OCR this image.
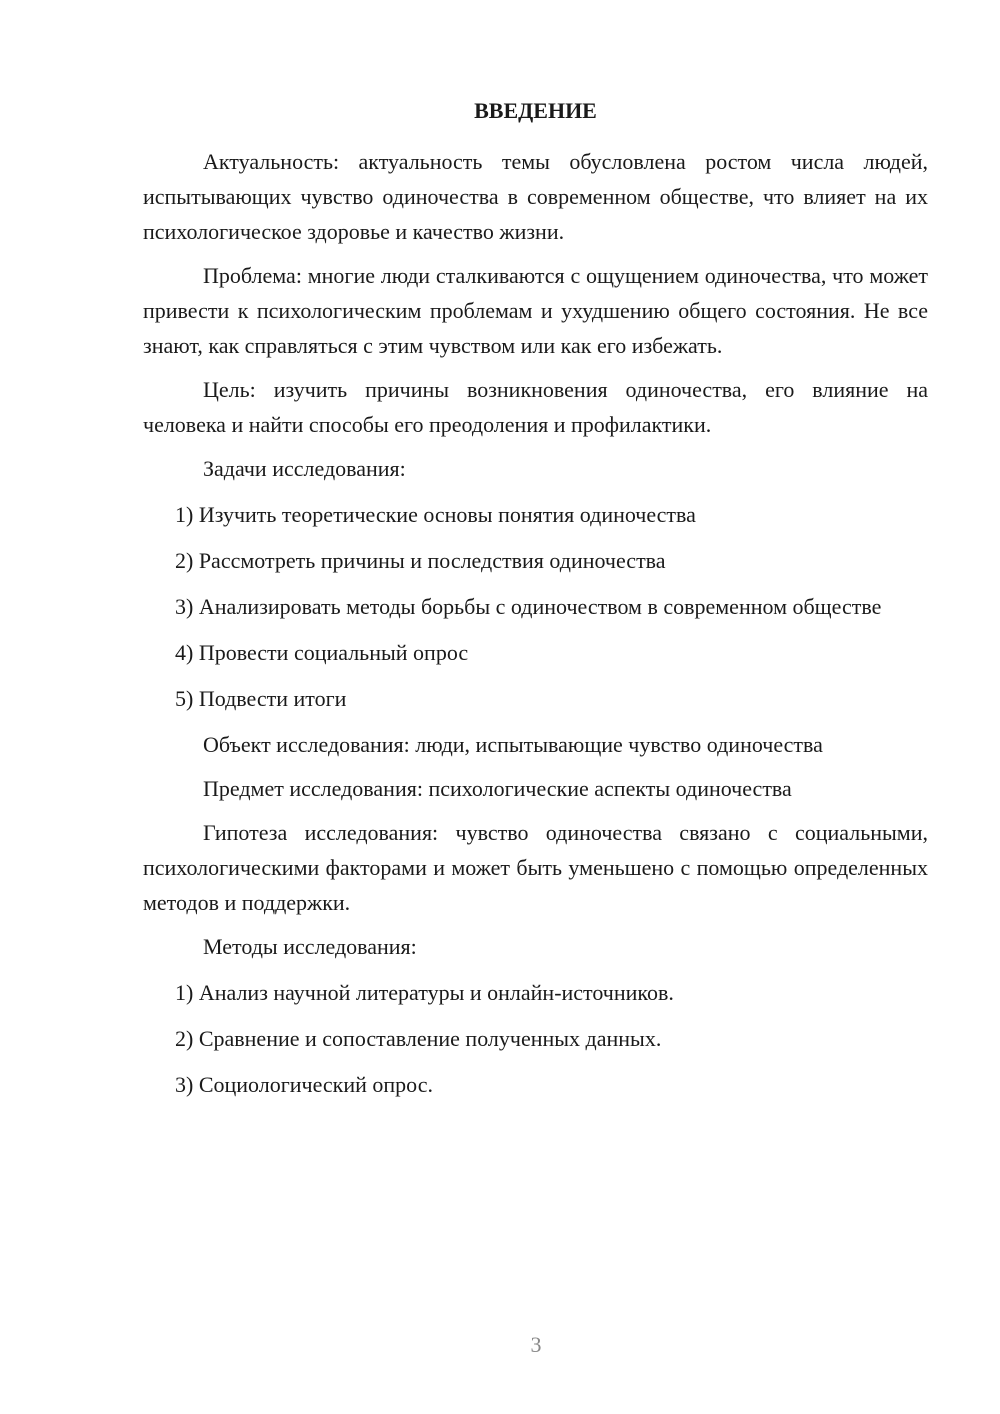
ВВЕДЕНИЕ

Актуальность: актуальность темы обусловлена ростом числа людей, испытывающих чувство одиночества в современном обществе, что влияет на их психологическое здоровье и качество жизни.

Проблема: многие люди сталкиваются с ощущением одиночества, что может привести к психологическим проблемам и ухудшению общего состояния. Не все знают, как справляться с этим чувством или как его избежать.

Цель: изучить причины возникновения одиночества, его влияние на человека и найти способы его преодоления и профилактики.

Задачи исследования:

1) Изучить теоретические основы понятия одиночества

2) Рассмотреть причины и последствия одиночества

3) Анализировать методы борьбы с одиночеством в современном обществе

4) Провести социальный опрос

5) Подвести итоги

Объект исследования: люди, испытывающие чувство одиночества

Предмет исследования: психологические аспекты одиночества

Гипотеза исследования: чувство одиночества связано с социальными, психологическими факторами и может быть уменьшено с помощью определенных методов и поддержки.

Методы исследования:

1) Анализ научной литературы и онлайн-источников.

2) Сравнение и сопоставление полученных данных.

3) Социологический опрос.

3
